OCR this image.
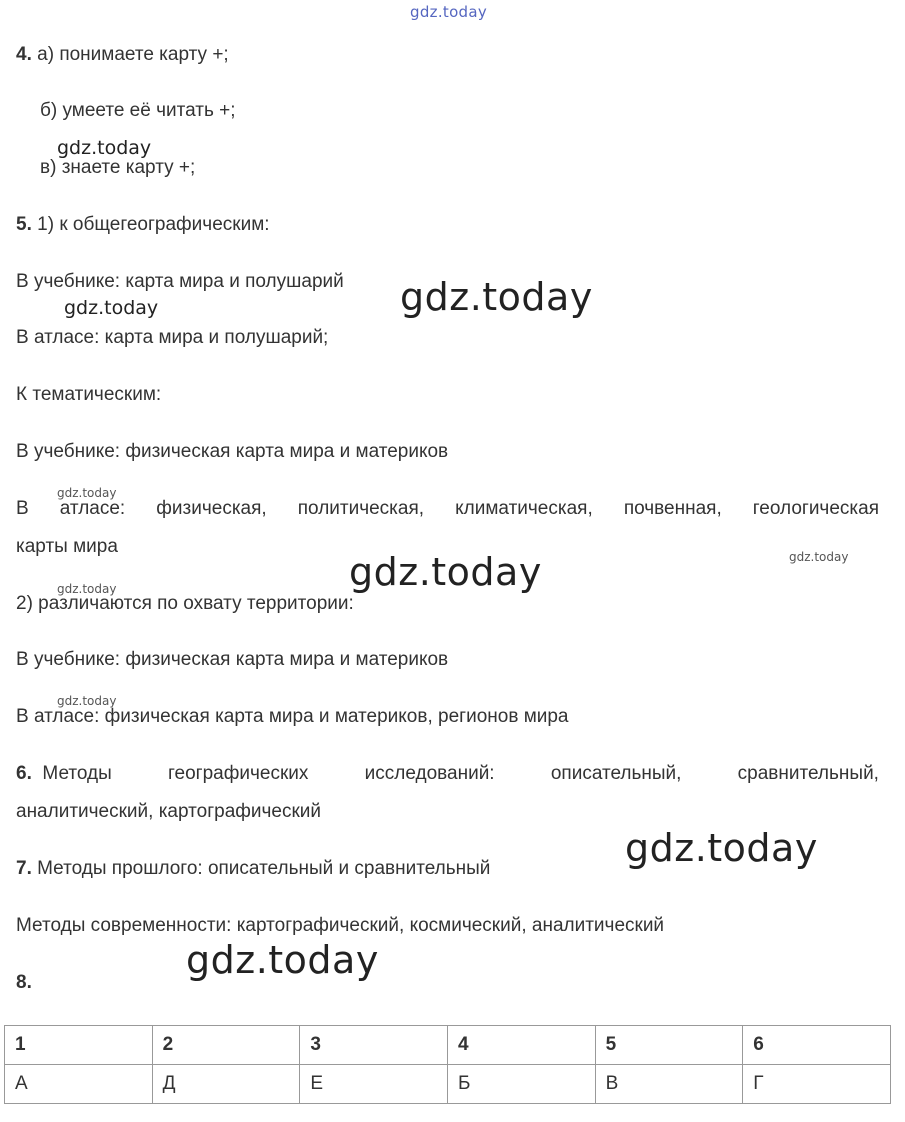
gdz.today
gdz.today
gdz.today
gdz.today
gdz.today
gdz.today
gdz.today
gdz.today
gdz.today
gdz.today
gdz.today
4. а) понимаете карту +;
б) умеете её читать +;
в) знаете карту +;
5. 1) к общегеографическим:
В учебнике: карта мира и полушарий
В атласе: карта мира и полушарий;
К тематическим:
В учебнике: физическая карта мира и материков
В атласе: физическая, политическая, климатическая, почвенная, геологическая
карты мира
2) различаются по охвату территории:
В учебнике: физическая карта мира и материков
В атласе: физическая карта мира и материков, регионов мира
6. Методы	географических	исследований:	описательный,	сравнительный,
аналитический, картографический
7. Методы прошлого: описательный и сравнительный
Методы современности: картографический, космический, аналитический
8.
1	2	3	4	5	6
А	Д	Е	Б	В	Г
